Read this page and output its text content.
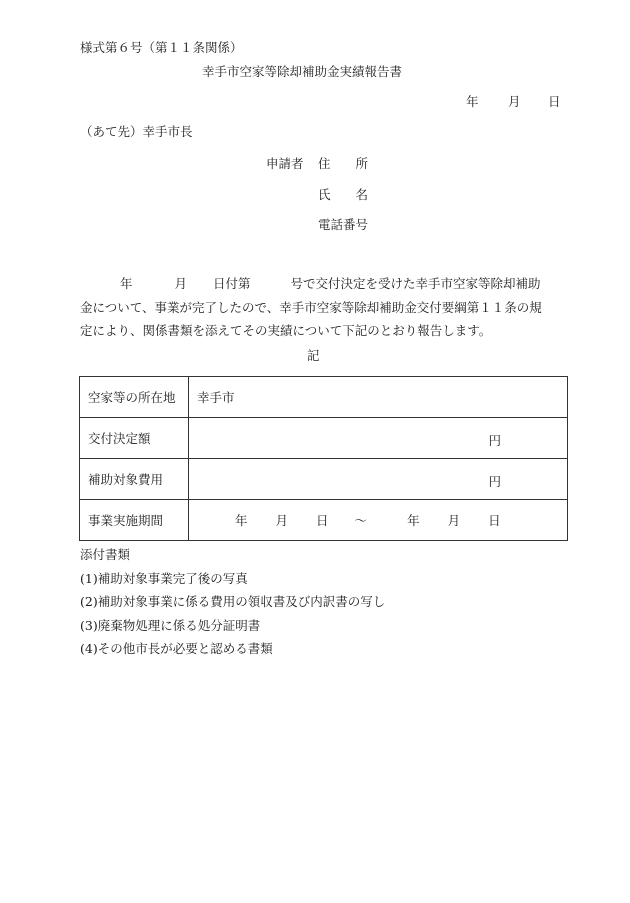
様式第６号（第１１条関係）
幸手市空家等除却補助金実績報告書
年 月 日
（あて先）幸手市長
申請者 住　　所
氏　　名
電話番号
年	月 日付第	号で交付決定を受けた幸手市空家等除却補助
金について、事業が完了したので、幸手市空家等除却補助金交付要綱第１１条の規
定により、関係書類を添えてその実績について下記のとおり報告します。
記
空家等の所在地	幸手市
交付決定額	円

補助対象費用	円

事業実施期間	年 月 日 ～ 年 月 日
添付書類
(1)補助対象事業完了後の写真
(2)補助対象事業に係る費用の領収書及び内訳書の写し
(3)廃棄物処理に係る処分証明書
(4)その他市長が必要と認める書類
